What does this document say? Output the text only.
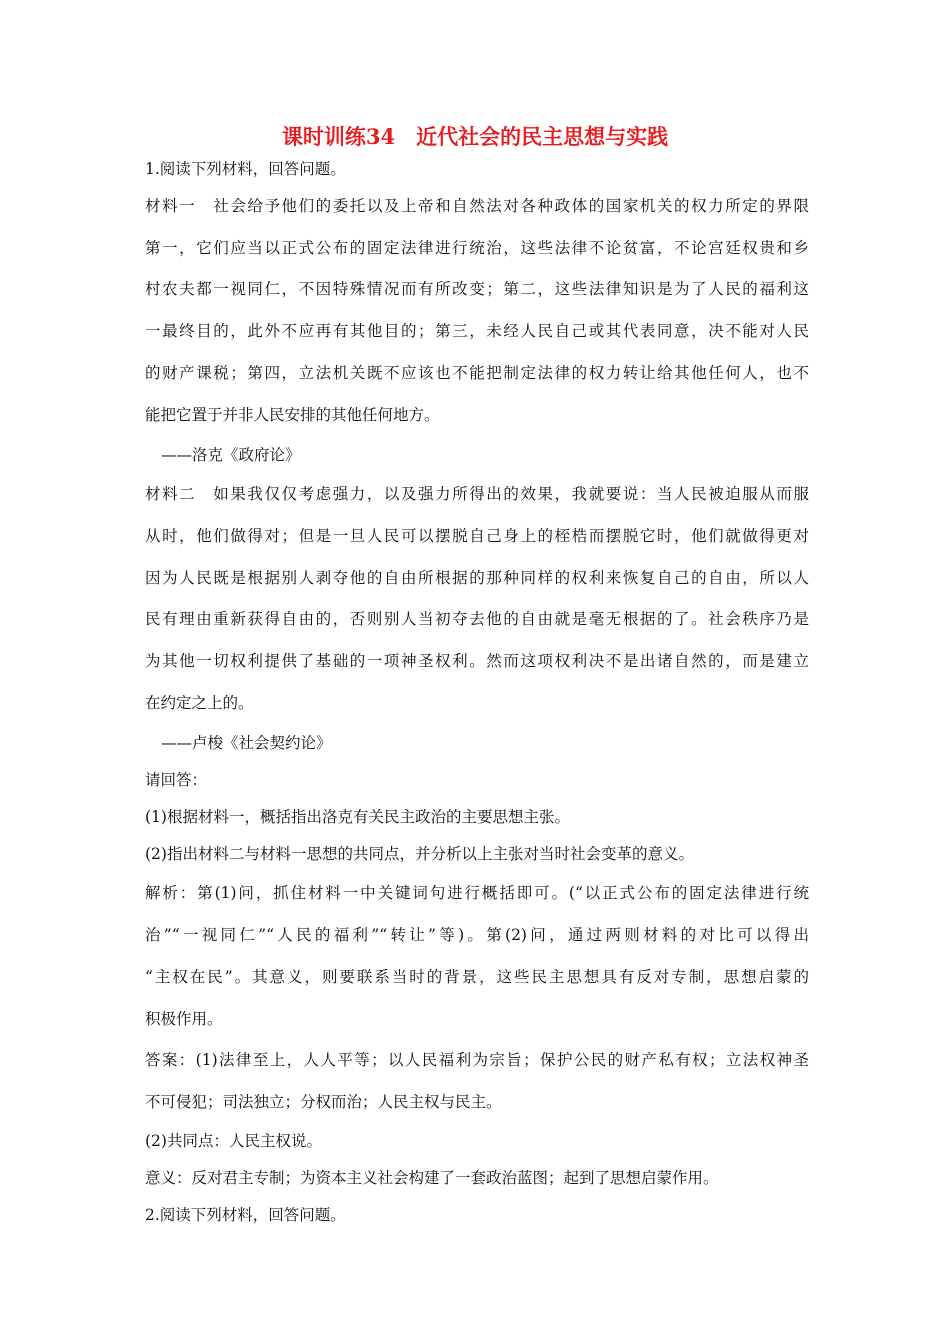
课时训练34　近代社会的民主思想与实践

1.阅读下列材料，回答问题。

材料一　社会给予他们的委托以及上帝和自然法对各种政体的国家机关的权力所定的界限

第一，它们应当以正式公布的固定法律进行统治，这些法律不论贫富，不论宫廷权贵和乡

村农夫都一视同仁，不因特殊情况而有所改变；第二，这些法律知识是为了人民的福利这

一最终目的，此外不应再有其他目的；第三，未经人民自己或其代表同意，决不能对人民

的财产课税；第四，立法机关既不应该也不能把制定法律的权力转让给其他任何人，也不

能把它置于并非人民安排的其他任何地方。

——洛克《政府论》

材料二　如果我仅仅考虑强力，以及强力所得出的效果，我就要说：当人民被迫服从而服

从时，他们做得对；但是一旦人民可以摆脱自己身上的桎梏而摆脱它时，他们就做得更对

因为人民既是根据别人剥夺他的自由所根据的那种同样的权利来恢复自己的自由，所以人

民有理由重新获得自由的，否则别人当初夺去他的自由就是毫无根据的了。社会秩序乃是

为其他一切权利提供了基础的一项神圣权利。然而这项权利决不是出诸自然的，而是建立

在约定之上的。

——卢梭《社会契约论》

请回答：

(1)根据材料一，概括指出洛克有关民主政治的主要思想主张。

(2)指出材料二与材料一思想的共同点，并分析以上主张对当时社会变革的意义。

解析：第(1)问，抓住材料一中关键词句进行概括即可。(“以正式公布的固定法律进行统

治”“一视同仁”“人民的福利”“转让”等)。第(2)问，通过两则材料的对比可以得出

“主权在民”。其意义，则要联系当时的背景，这些民主思想具有反对专制，思想启蒙的

积极作用。

答案：(1)法律至上，人人平等；以人民福利为宗旨；保护公民的财产私有权；立法权神圣

不可侵犯；司法独立；分权而治；人民主权与民主。

(2)共同点：人民主权说。

意义：反对君主专制；为资本主义社会构建了一套政治蓝图；起到了思想启蒙作用。

2.阅读下列材料，回答问题。
